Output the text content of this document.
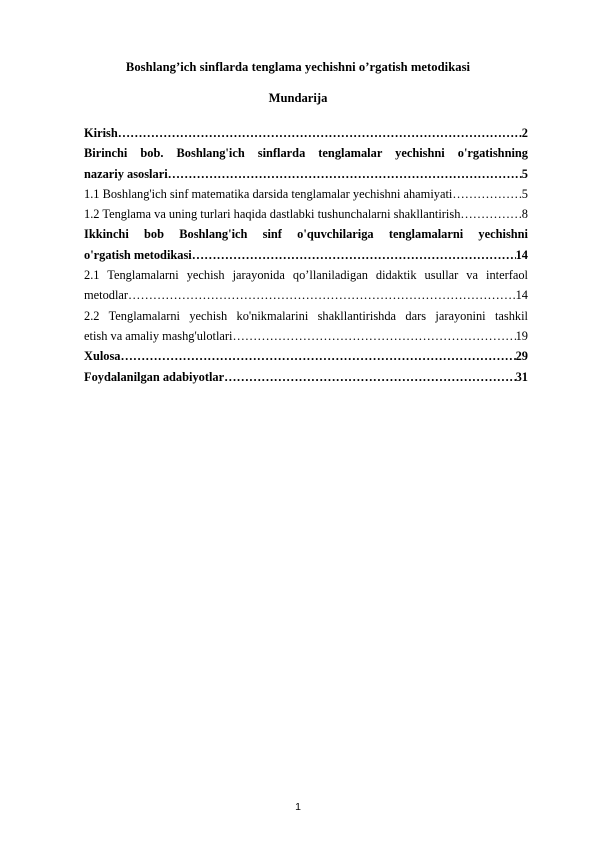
Boshlang’ich sinflarda tenglama yechishni o’rgatish metodikasi
Mundarija
Kirish ……………………………………………………………………………………………………………………………………………………………………	2
Birinchi bob. Boshlang'ich sinflarda tenglamalar yechishni o'rgatishning
nazariy asoslari ……………………………………………………………………………………………………………………………………………………………………	5
1.1 Boshlang'ich sinf matematika darsida tenglamalar yechishni ahamiyati ……………………………………………………………………………………………………………………………………………………………………	5
1.2 Tenglama va uning turlari haqida dastlabki tushunchalarni shakllantirish ……………………………………………………………………………………………………………………………………………………………………	8
Ikkinchi bob Boshlang'ich sinf o'quvchilariga tenglamalarni yechishni
o'rgatish metodikasi ……………………………………………………………………………………………………………………………………………………………………	14
2.1 Tenglamalarni yechish jarayonida qo’llaniladigan didaktik usullar va interfaol
metodlar ……………………………………………………………………………………………………………………………………………………………………	14
2.2 Tenglamalarni yechish ko'nikmalarini shakllantirishda dars jarayonini tashkil
etish va amaliy mashg'ulotlari ……………………………………………………………………………………………………………………………………………………………………	19
Xulosa ……………………………………………………………………………………………………………………………………………………………………	29
Foydalanilgan adabiyotlar ……………………………………………………………………………………………………………………………………………………………………	31
1
